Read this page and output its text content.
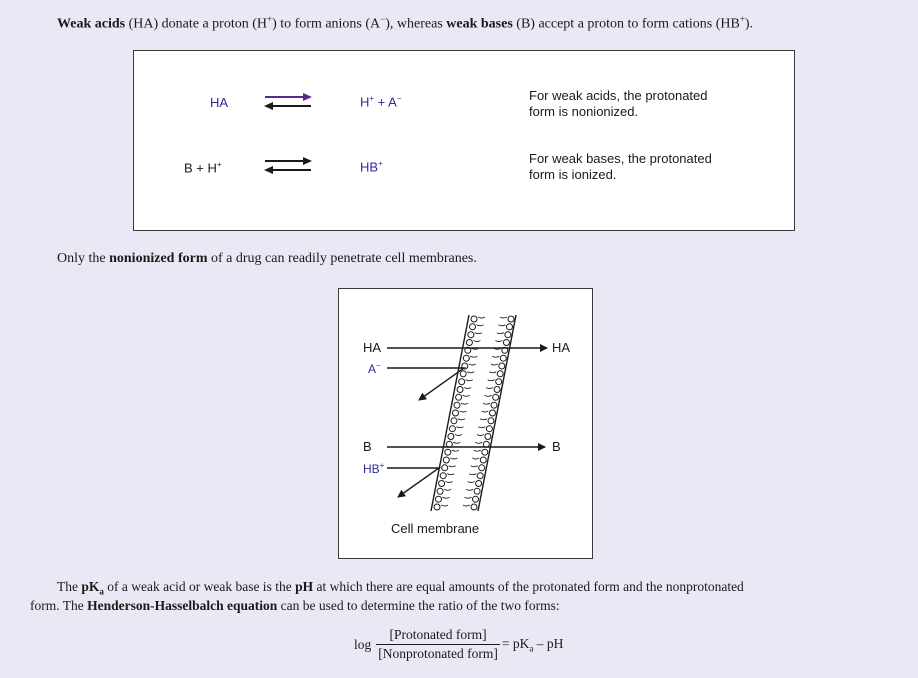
Weak acids (HA) donate a proton (H+) to form anions (A−), whereas weak bases (B) accept a proton to form cations (HB+).
HA	H+ + A−	For weak acids, the protonated
form is nonionized.
B + H+	HB+	For weak bases, the protonated
form is ionized.
Only the nonionized form of a drug can readily penetrate cell membranes.
HA	HA
A−
B	B
HB+
Cell membrane
The $pK_a$ of a weak acid or weak base is the pH at which there are equal amounts of the protonated form and the nonprotonated
form. The Henderson-Hasselbalch equation can be used to determine the ratio of the two forms:
log
[Protonated form]
[Nonprotonated form]
= $pK_a$ – pH
